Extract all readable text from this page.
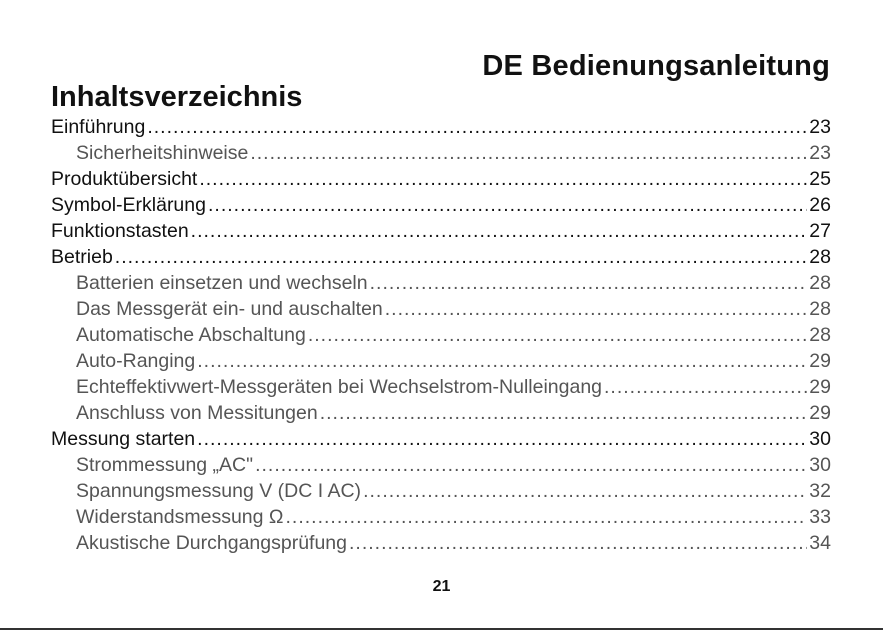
DE Bedienungsanleitung
Inhaltsverzeichnis
Einführung .....	23
Sicherheitshinweise .....	23
Produktübersicht .....	25
Symbol-Erklärung .....	26
Funktionstasten .....	27
Betrieb .....	28
Batterien einsetzen und wechseln .....	28
Das Messgerät ein- und auschalten .....	28
Automatische Abschaltung .....	28
Auto-Ranging .....	29
Echteffektivwert-Messgeräten bei Wechselstrom-Nulleingang .....	29
Anschluss von Messitungen .....	29
Messung starten .....	30
Strommessung „AC" .....	30
Spannungsmessung V (DC I AC) .....	32
Widerstandsmessung Ω .....	33
Akustische Durchgangsprüfung .....	34
21
